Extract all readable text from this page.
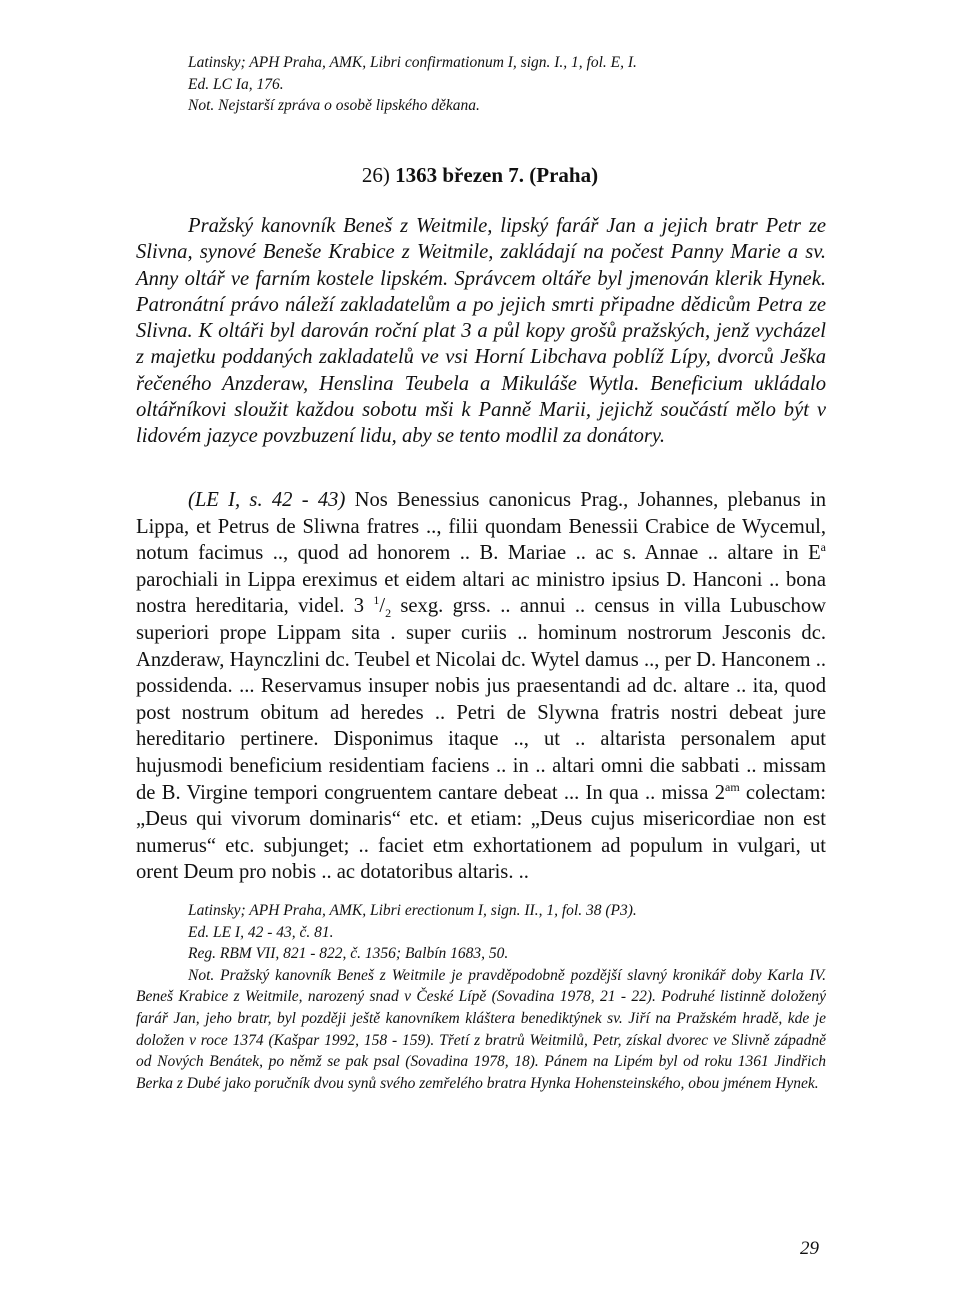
Latinsky; APH Praha, AMK, Libri confirmationum I, sign. I., 1, fol. E, I.

Ed. LC Ia, 176.

Not. Nejstarší zpráva o osobě lipského děkana.

26) 1363 březen 7. (Praha)

Pražský kanovník Beneš z Weitmile, lipský farář Jan a jejich bratr Petr ze Slivna, synové Beneše Krabice z Weitmile, zakládají na počest Panny Marie a sv. Anny oltář ve farním kostele lipském. Správcem oltáře byl jmenován klerik Hynek. Patronátní právo náleží zakladatelům a po jejich smrti připadne dědicům Petra ze Slivna. K oltáři byl darován roční plat 3 a půl kopy grošů pražských, jenž vycházel z majetku poddaných zakladatelů ve vsi Horní Libchava poblíž Lípy, dvorců Ješka řečeného Anzderaw, Henslina Teubela a Mikuláše Wytla. Beneficium ukládalo oltářníkovi sloužit každou sobotu mši k Panně Marii, jejichž součástí mělo být v lidovém jazyce povzbuzení lidu, aby se tento modlil za donátory.

(LE I, s. 42 - 43) Nos Benessius canonicus Prag., Johannes, plebanus in Lippa, et Petrus de Sliwna fratres .., filii quondam Benessii Crabice de Wycemul, notum facimus .., quod ad honorem .. B. Mariae .. ac s. Annae .. altare in $E^a$ parochiali in Lippa ereximus et eidem altari ac ministro ipsius D. Hanconi .. bona nostra hereditaria, videl. 3 $^1/_2$ sexg. grss. .. annui .. census in villa Lubuschow superiori prope Lippam sita . super curiis .. hominum nostrorum Jesconis dc. Anzderaw, Haynczlini dc. Teubel et Nicolai dc. Wytel damus .., per D. Hanconem .. possidenda. ... Reservamus insuper nobis jus praesentandi ad dc. altare .. ita, quod post nostrum obitum ad heredes .. Petri de Slywna fratris nostri debeat jure hereditario pertinere. Disponimus itaque .., ut .. altarista personalem aput hujusmodi beneficium residentiam faciens .. in .. altari omni die sabbati .. missam de B. Virgine tempori congruentem cantare debeat ... In qua .. missa $2^{am}$ colectam: „Deus qui vivorum dominaris“ etc. et etiam: „Deus cujus misericordiae non est numerus“ etc. subjunget; .. faciet etm exhortationem ad populum in vulgari, ut orent Deum pro nobis .. ac dotatoribus altaris. ..

Latinsky; APH Praha, AMK, Libri erectionum I, sign. II., 1, fol. 38 (P3).

Ed. LE I, 42 - 43, č. 81.

Reg. RBM VII, 821 - 822, č. 1356; Balbín 1683, 50.

Not. Pražský kanovník Beneš z Weitmile je pravděpodobně pozdější slavný kronikář doby Karla IV. Beneš Krabice z Weitmile, narozený snad v České Lípě (Sovadina 1978, 21 - 22). Podruhé listinně doložený farář Jan, jeho bratr, byl později ještě kanovníkem kláštera benediktýnek sv. Jiří na Pražském hradě, kde je doložen v roce 1374 (Kašpar 1992, 158 - 159). Třetí z bratrů Weitmilů, Petr, získal dvorec ve Slivně západně od Nových Benátek, po němž se pak psal (Sovadina 1978, 18). Pánem na Lipém byl od roku 1361 Jindřich Berka z Dubé jako poručník dvou synů svého zemřelého bratra Hynka Hohensteinského, obou jménem Hynek.

29
